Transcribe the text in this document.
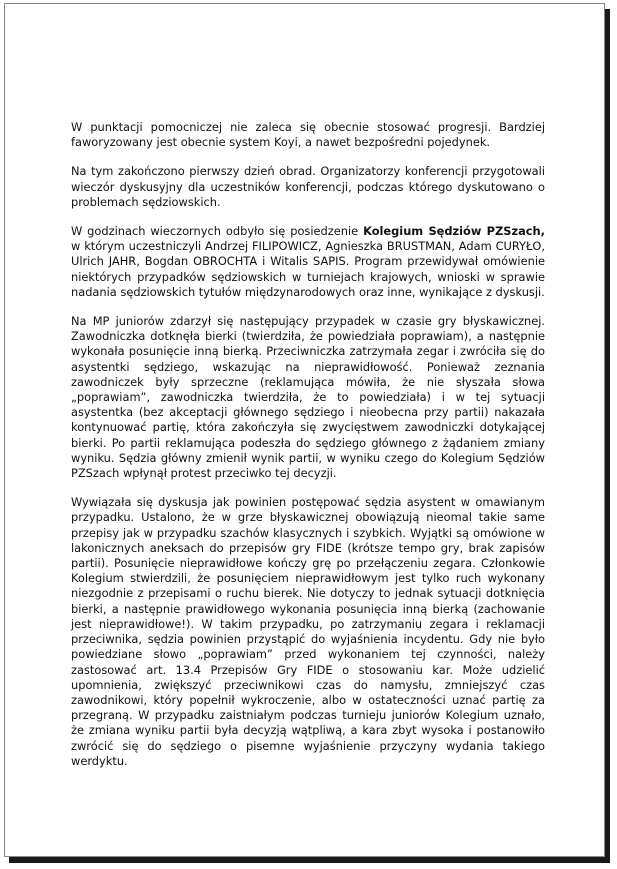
W punktacji pomocniczej nie zaleca się obecnie stosować progresji. Bardziej faworyzowany jest obecnie system Koyi, a nawet bezpośredni pojedynek.

Na tym zakończono pierwszy dzień obrad. Organizatorzy konferencji przygotowali wieczór dyskusyjny dla uczestników konferencji, podczas którego dyskutowano o problemach sędziowskich.

W godzinach wieczornych odbyło się posiedzenie Kolegium Sędziów PZSzach, w którym uczestniczyli Andrzej FILIPOWICZ, Agnieszka BRUSTMAN, Adam CURYŁO, Ulrich JAHR, Bogdan OBROCHTA i Witalis SAPIS. Program przewidywał omówienie niektórych przypadków sędziowskich w turniejach krajowych, wnioski w sprawie nadania sędziowskich tytułów międzynarodowych oraz inne, wynikające z dyskusji.

Na MP juniorów zdarzył się następujący przypadek w czasie gry błyskawicznej. Zawodniczka dotknęła bierki (twierdziła, że powiedziała poprawiam), a następnie wykonała posunięcie inną bierką. Przeciwniczka zatrzymała zegar i zwróciła się do asystentki sędziego, wskazując na nieprawidłowość. Ponieważ zeznania zawodniczek były sprzeczne (reklamująca mówiła, że nie słyszała słowa „poprawiam”, zawodniczka twierdziła, że to powiedziała) i w tej sytuacji asystentka (bez akceptacji głównego sędziego i nieobecna przy partii) nakazała kontynuować partię, która zakończyła się zwycięstwem zawodniczki dotykającej bierki. Po partii reklamująca podeszła do sędziego głównego z żądaniem zmiany wyniku. Sędzia główny zmienił wynik partii, w wyniku czego do Kolegium Sędziów PZSzach wpłynął protest przeciwko tej decyzji.

Wywiązała się dyskusja jak powinien postępować sędzia asystent w omawianym przypadku. Ustalono, że w grze błyskawicznej obowiązują nieomal takie same przepisy jak w przypadku szachów klasycznych i szybkich. Wyjątki są omówione w lakonicznych aneksach do przepisów gry FIDE (krótsze tempo gry, brak zapisów partii). Posunięcie nieprawidłowe kończy grę po przełączeniu zegara. Członkowie Kolegium stwierdzili, że posunięciem nieprawidłowym jest tylko ruch wykonany niezgodnie z przepisami o ruchu bierek. Nie dotyczy to jednak sytuacji dotknięcia bierki, a następnie prawidłowego wykonania posunięcia inną bierką (zachowanie jest nieprawidłowe!). W takim przypadku, po zatrzymaniu zegara i reklamacji przeciwnika, sędzia powinien przystąpić do wyjaśnienia incydentu. Gdy nie było powiedziane słowo „poprawiam” przed wykonaniem tej czynności, należy zastosować art. 13.4 Przepisów Gry FIDE o stosowaniu kar. Może udzielić upomnienia, zwiększyć przeciwnikowi czas do namysłu, zmniejszyć czas zawodnikowi, który popełnił wykroczenie, albo w ostateczności uznać partię za przegraną. W przypadku zaistniałym podczas turnieju juniorów Kolegium uznało, że zmiana wyniku partii była decyzją wątpliwą, a kara zbyt wysoka i postanowiło zwrócić się do sędziego o pisemne wyjaśnienie przyczyny wydania takiego werdyktu.
